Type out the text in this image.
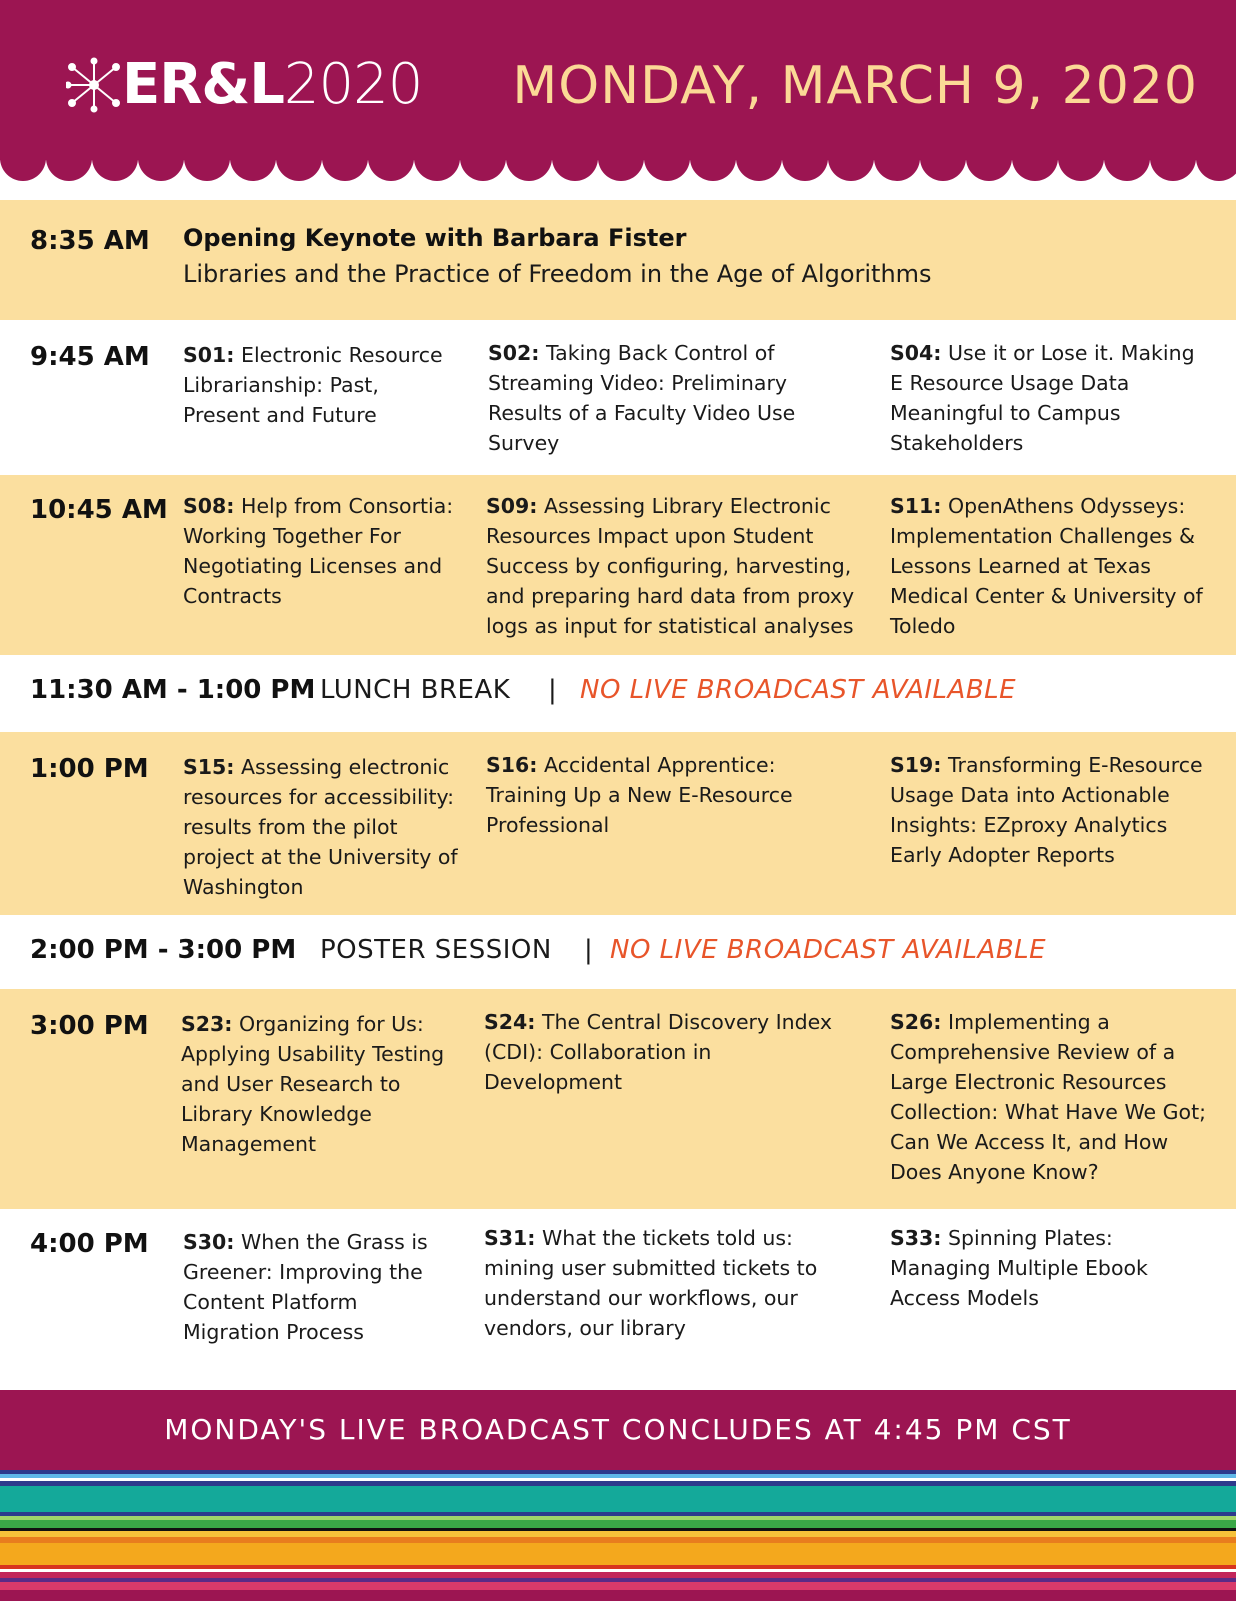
ER&L2020 MONDAY, MARCH 9, 2020
8:35 AM Opening Keynote with Barbara Fister
Libraries and the Practice of Freedom in the Age of Algorithms
9:45 AM S01: Electronic Resource Librarianship: Past, Present and Future
S02: Taking Back Control of Streaming Video: Preliminary Results of a Faculty Video Use Survey
S04: Use it or Lose it. Making E Resource Usage Data Meaningful to Campus Stakeholders
10:45 AM S08: Help from Consortia: Working Together For Negotiating Licenses and Contracts
S09: Assessing Library Electronic Resources Impact upon Student Success by configuring, harvesting, and preparing hard data from proxy logs as input for statistical analyses
S11: OpenAthens Odysseys: Implementation Challenges & Lessons Learned at Texas Medical Center & University of Toledo
11:30 AM - 1:00 PM LUNCH BREAK | NO LIVE BROADCAST AVAILABLE
1:00 PM S15: Assessing electronic resources for accessibility: results from the pilot project at the University of Washington
S16: Accidental Apprentice: Training Up a New E-Resource Professional
S19: Transforming E-Resource Usage Data into Actionable Insights: EZproxy Analytics Early Adopter Reports
2:00 PM - 3:00 PM POSTER SESSION | NO LIVE BROADCAST AVAILABLE
3:00 PM S23: Organizing for Us: Applying Usability Testing and User Research to Library Knowledge Management
S24: The Central Discovery Index (CDI): Collaboration in Development
S26: Implementing a Comprehensive Review of a Large Electronic Resources Collection: What Have We Got; Can We Access It, and How Does Anyone Know?
4:00 PM S30: When the Grass is Greener: Improving the Content Platform Migration Process
S31: What the tickets told us: mining user submitted tickets to understand our workflows, our vendors, our library
S33: Spinning Plates: Managing Multiple Ebook Access Models
MONDAY'S LIVE BROADCAST CONCLUDES AT 4:45 PM CST
